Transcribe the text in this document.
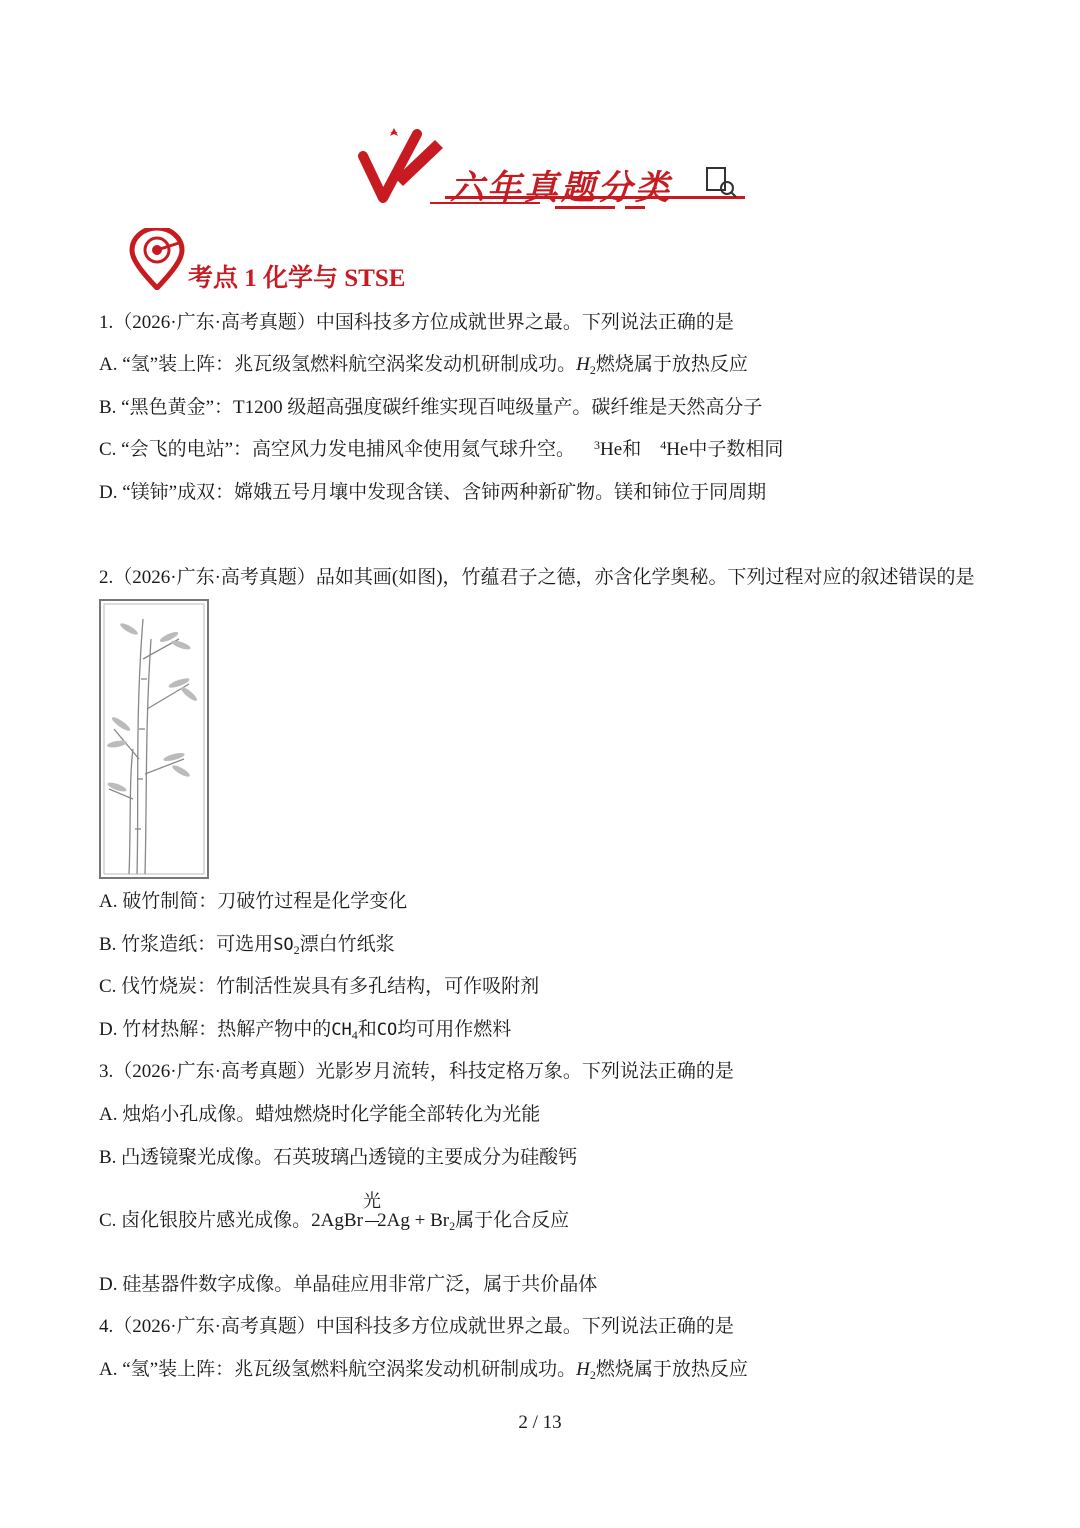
六年真题分类
考点 1 化学与 STSE
1.（2026·广东·高考真题）中国科技多方位成就世界之最。下列说法正确的是
A. “氢”装上阵：兆瓦级氢燃料航空涡桨发动机研制成功。$H_2$燃烧属于放热反应
B. “黑色黄金”：T1200 级超高强度碳纤维实现百吨级量产。碳纤维是天然高分子
C. “会飞的电站”：高空风力发电捕风伞使用氦气球升空。 $^3$He和 $^4$He中子数相同
D. “镁铈”成双：嫦娥五号月壤中发现含镁、含铈两种新矿物。镁和铈位于同周期
2.（2026·广东·高考真题）品如其画(如图)，竹蕴君子之德，亦含化学奥秘。下列过程对应的叙述错误的是
A. 破竹制简：刀破竹过程是化学变化
B. 竹浆造纸：可选用$SO_2$漂白竹纸浆
C. 伐竹烧炭：竹制活性炭具有多孔结构，可作吸附剂
D. 竹材热解：热解产物中的$CH_4$和CO均可用作燃料
3.（2026·广东·高考真题）光影岁月流转，科技定格万象。下列说法正确的是
A. 烛焰小孔成像。蜡烛燃烧时化学能全部转化为光能
B. 凸透镜聚光成像。石英玻璃凸透镜的主要成分为硅酸钙
光
C. 卤化银胶片感光成像。2AgBr $2Ag + Br_2$属于化合反应
D. 硅基器件数字成像。单晶硅应用非常广泛，属于共价晶体
4.（2026·广东·高考真题）中国科技多方位成就世界之最。下列说法正确的是
A. “氢”装上阵：兆瓦级氢燃料航空涡桨发动机研制成功。$H_2$燃烧属于放热反应
2 / 13
